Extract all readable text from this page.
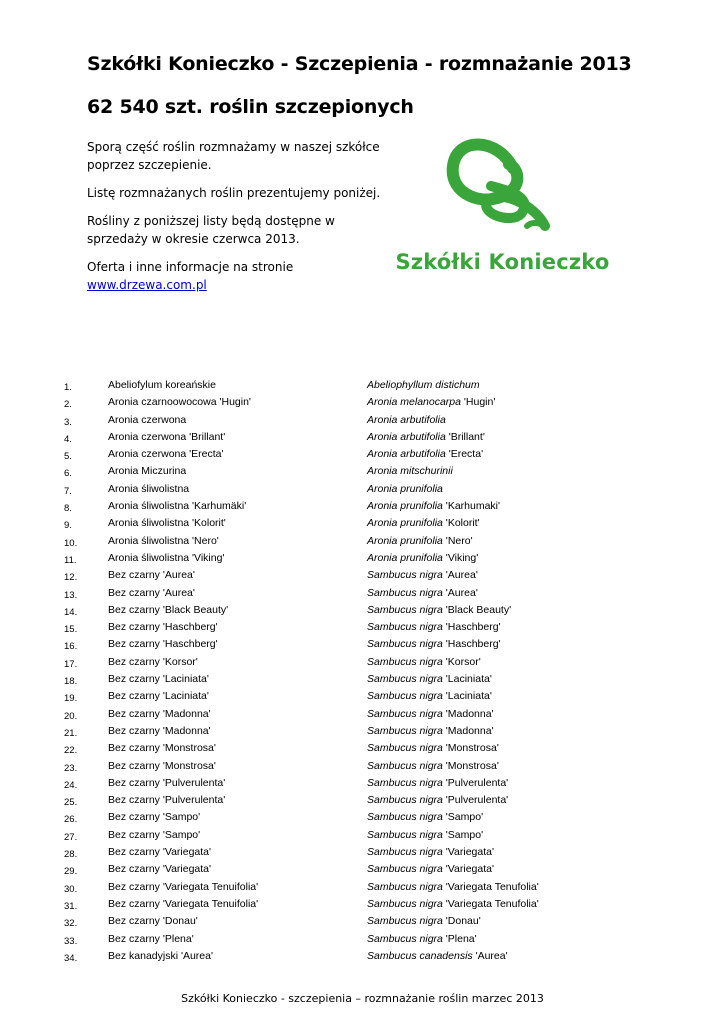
Szkółki Konieczko - Szczepienia - rozmnażanie 2013
62 540 szt. roślin szczepionych

Sporą część roślin rozmnażamy w naszej szkółce poprzez szczepienie.

Listę rozmnażanych roślin prezentujemy poniżej.

Rośliny z poniższej listy będą dostępne w sprzedaży w okresie czerwca 2013.

Oferta i inne informacje na stronie
www.drzewa.com.pl

Szkółki Konieczko
1.	Abeliofylum koreańskie	Abeliophyllum distichum
2.	Aronia czarnoowocowa 'Hugin'	Aronia melanocarpa 'Hugin'
3.	Aronia czerwona	Aronia arbutifolia
4.	Aronia czerwona 'Brillant'	Aronia arbutifolia 'Brillant'
5.	Aronia czerwona 'Erecta'	Aronia arbutifolia 'Erecta'
6.	Aronia Miczurina	Aronia mitschurinii
7.	Aronia śliwolistna	Aronia prunifolia
8.	Aronia śliwolistna 'Karhumäki'	Aronia prunifolia 'Karhumaki'
9.	Aronia śliwolistna 'Kolorit'	Aronia prunifolia 'Kolorit'
10.	Aronia śliwolistna 'Nero'	Aronia prunifolia 'Nero'
11.	Aronia śliwolistna 'Viking'	Aronia prunifolia 'Viking'
12.	Bez czarny 'Aurea'	Sambucus nigra 'Aurea'
13.	Bez czarny 'Aurea'	Sambucus nigra 'Aurea'
14.	Bez czarny 'Black Beauty'	Sambucus nigra 'Black Beauty'
15.	Bez czarny 'Haschberg'	Sambucus nigra 'Haschberg'
16.	Bez czarny 'Haschberg'	Sambucus nigra 'Haschberg'
17.	Bez czarny 'Korsor'	Sambucus nigra 'Korsor'
18.	Bez czarny 'Laciniata'	Sambucus nigra 'Laciniata'
19.	Bez czarny 'Laciniata'	Sambucus nigra 'Laciniata'
20.	Bez czarny 'Madonna'	Sambucus nigra 'Madonna'
21.	Bez czarny 'Madonna'	Sambucus nigra 'Madonna'
22.	Bez czarny 'Monstrosa'	Sambucus nigra 'Monstrosa'
23.	Bez czarny 'Monstrosa'	Sambucus nigra 'Monstrosa'
24.	Bez czarny 'Pulverulenta'	Sambucus nigra 'Pulverulenta'
25.	Bez czarny 'Pulverulenta'	Sambucus nigra 'Pulverulenta'
26.	Bez czarny 'Sampo'	Sambucus nigra 'Sampo'
27.	Bez czarny 'Sampo'	Sambucus nigra 'Sampo'
28.	Bez czarny 'Variegata'	Sambucus nigra 'Variegata'
29.	Bez czarny 'Variegata'	Sambucus nigra 'Variegata'
30.	Bez czarny 'Variegata Tenuifolia'	Sambucus nigra 'Variegata Tenufolia'
31.	Bez czarny 'Variegata Tenuifolia'	Sambucus nigra 'Variegata Tenufolia'
32.	Bez czarny 'Donau'	Sambucus nigra 'Donau'
33.	Bez czarny 'Plena'	Sambucus nigra 'Plena'
34.	Bez kanadyjski 'Aurea'	Sambucus canadensis 'Aurea'
Szkółki Konieczko - szczepienia – rozmnażanie roślin marzec 2013
